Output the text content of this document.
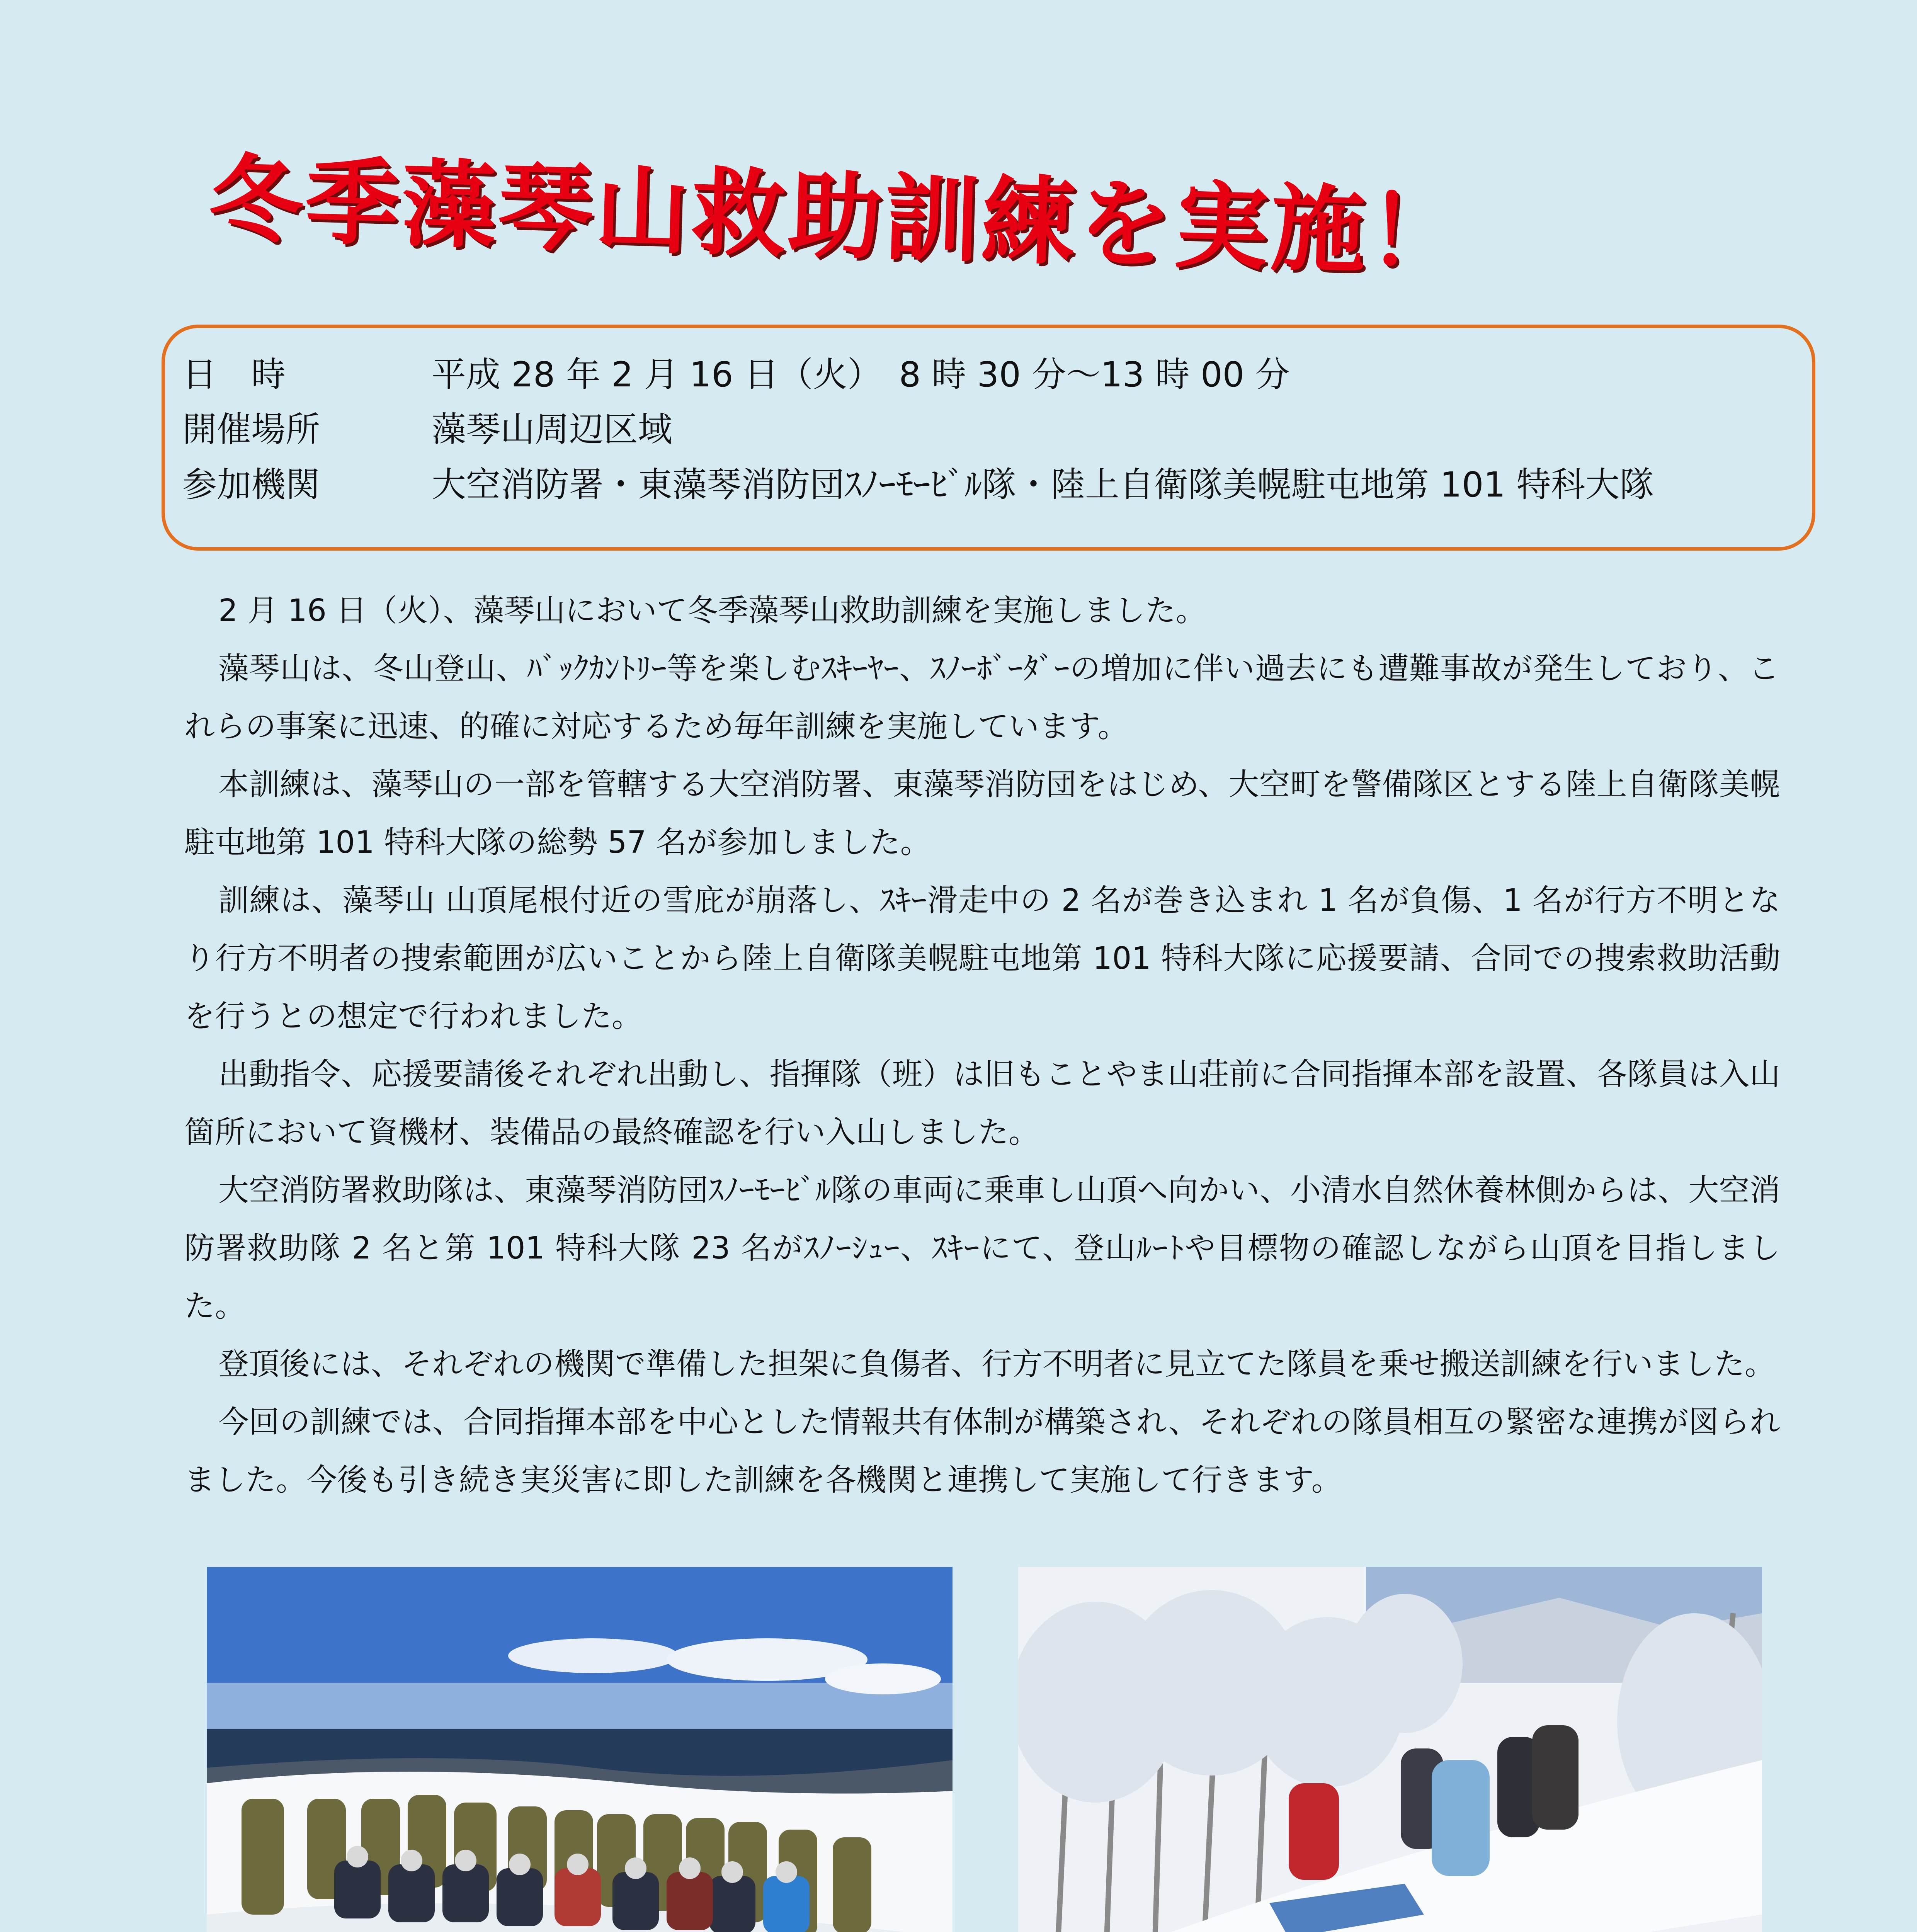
冬季藻琴山救助訓練を実施！
日　時	平成 28 年 2 月 16 日（火）　8 時 30 分～13 時 00 分
開催場所	藻琴山周辺区域
参加機関	大空消防署・東藻琴消防団ｽﾉｰﾓｰﾋﾞﾙ隊・陸上自衛隊美幌駐屯地第 101 特科大隊

2 月 16 日（火）、藻琴山において冬季藻琴山救助訓練を実施しました。

藻琴山は、冬山登山、ﾊﾞｯｸｶﾝﾄﾘｰ等を楽しむｽｷｰﾔｰ、ｽﾉｰﾎﾞｰﾀﾞｰの増加に伴い過去にも遭難事故が発生しており、これらの事案に迅速、的確に対応するため毎年訓練を実施しています。

本訓練は、藻琴山の一部を管轄する大空消防署、東藻琴消防団をはじめ、大空町を警備隊区とする陸上自衛隊美幌駐屯地第 101 特科大隊の総勢 57 名が参加しました。

訓練は、藻琴山 山頂尾根付近の雪庇が崩落し、ｽｷｰ滑走中の 2 名が巻き込まれ 1 名が負傷、1 名が行方不明となり行方不明者の捜索範囲が広いことから陸上自衛隊美幌駐屯地第 101 特科大隊に応援要請、合同での捜索救助活動を行うとの想定で行われました。

出動指令、応援要請後それぞれ出動し、指揮隊（班）は旧もことやま山荘前に合同指揮本部を設置、各隊員は入山箇所において資機材、装備品の最終確認を行い入山しました。

大空消防署救助隊は、東藻琴消防団ｽﾉｰﾓｰﾋﾞﾙ隊の車両に乗車し山頂へ向かい、小清水自然休養林側からは、大空消防署救助隊 2 名と第 101 特科大隊 23 名がｽﾉｰｼｭｰ、ｽｷｰにて、登山ﾙｰﾄや目標物の確認しながら山頂を目指しました。

登頂後には、それぞれの機関で準備した担架に負傷者、行方不明者に見立てた隊員を乗せ搬送訓練を行いました。

今回の訓練では、合同指揮本部を中心とした情報共有体制が構築され、それぞれの隊員相互の緊密な連携が図られました。今後も引き続き実災害に即した訓練を各機関と連携して実施して行きます。
